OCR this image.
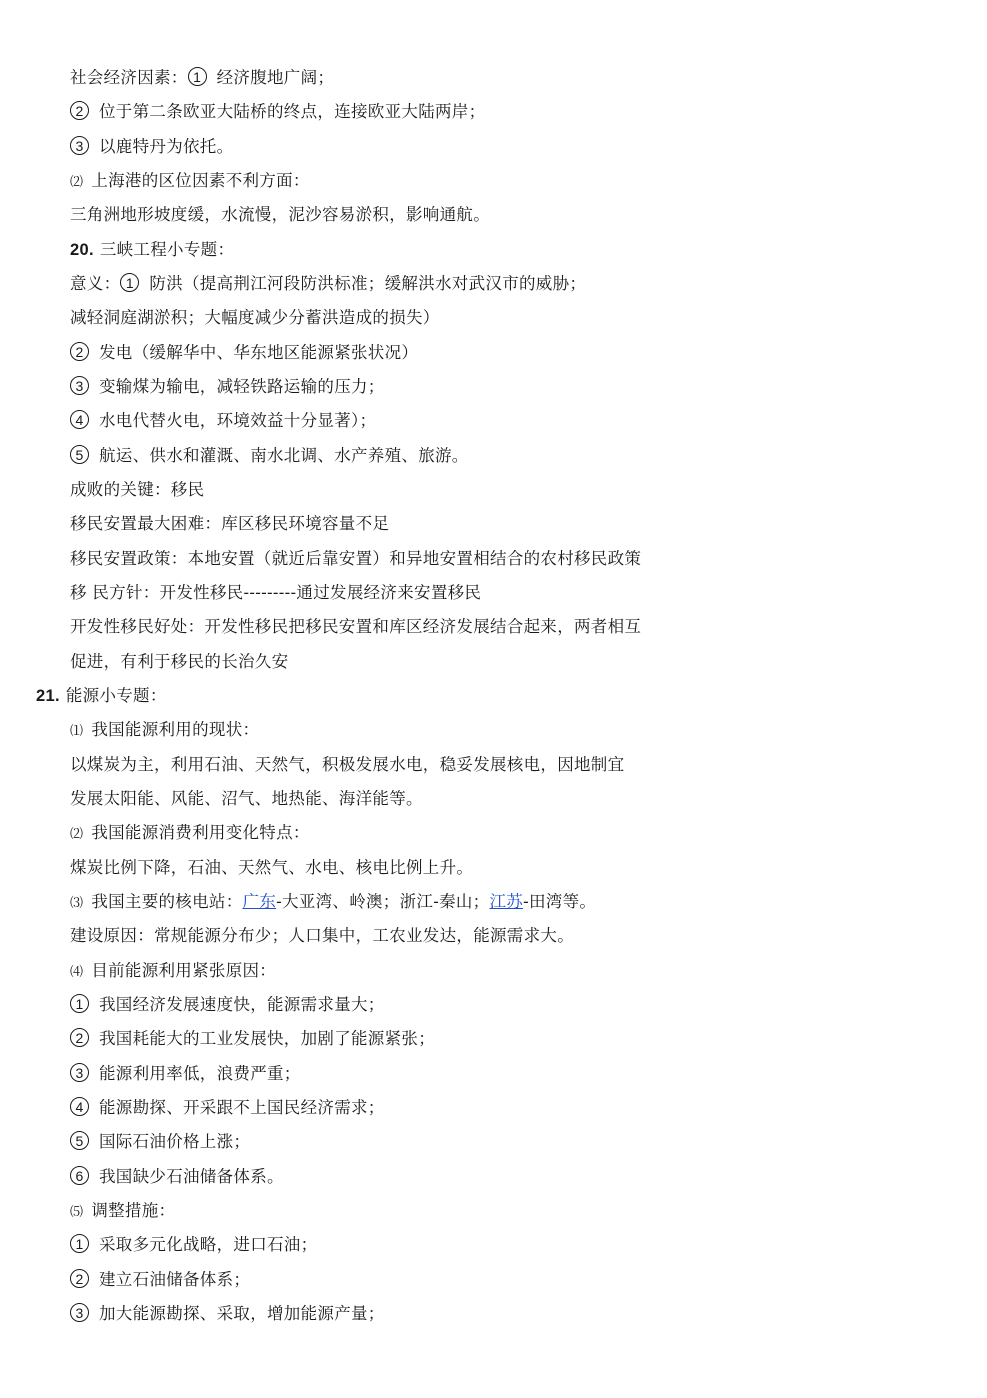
社会经济因素： 1 经济腹地广阔；
2 位于第二条欧亚大陆桥的终点，连接欧亚大陆两岸；
3 以鹿特丹为依托。
⑵ 上海港的区位因素不利方面：
三角洲地形坡度缓，水流慢，泥沙容易淤积，影响通航。
20. 三峡工程小专题：
意义： 1 防洪（提高荆江河段防洪标准；缓解洪水对武汉市的威胁；
减轻洞庭湖淤积；大幅度减少分蓄洪造成的损失）
2 发电（缓解华中、华东地区能源紧张状况）
3 变输煤为输电，减轻铁路运输的压力；
4 水电代替火电，环境效益十分显著）；
5 航运、供水和灌溉、南水北调、水产养殖、旅游。
成败的关键：移民
移民安置最大困难：库区移民环境容量不足
移民安置政策：本地安置（就近后靠安置）和异地安置相结合的农村移民政策
移 民方针：开发性移民---------通过发展经济来安置移民
开发性移民好处：开发性移民把移民安置和库区经济发展结合起来，两者相互
促进，有利于移民的长治久安
21. 能源小专题：
⑴ 我国能源利用的现状：
以煤炭为主，利用石油、天然气，积极发展水电，稳妥发展核电，因地制宜
发展太阳能、风能、沼气、地热能、海洋能等。
⑵ 我国能源消费利用变化特点：
煤炭比例下降，石油、天然气、水电、核电比例上升。
⑶ 我国主要的核电站：广东-大亚湾、岭澳；浙江-秦山；江苏-田湾等。
建设原因：常规能源分布少；人口集中，工农业发达，能源需求大。
⑷ 目前能源利用紧张原因：
1 我国经济发展速度快，能源需求量大；
2 我国耗能大的工业发展快，加剧了能源紧张；
3 能源利用率低，浪费严重；
4 能源勘探、开采跟不上国民经济需求；
5 国际石油价格上涨；
6 我国缺少石油储备体系。
⑸ 调整措施：
1 采取多元化战略，进口石油；
2 建立石油储备体系；
3 加大能源勘探、采取，增加能源产量；
